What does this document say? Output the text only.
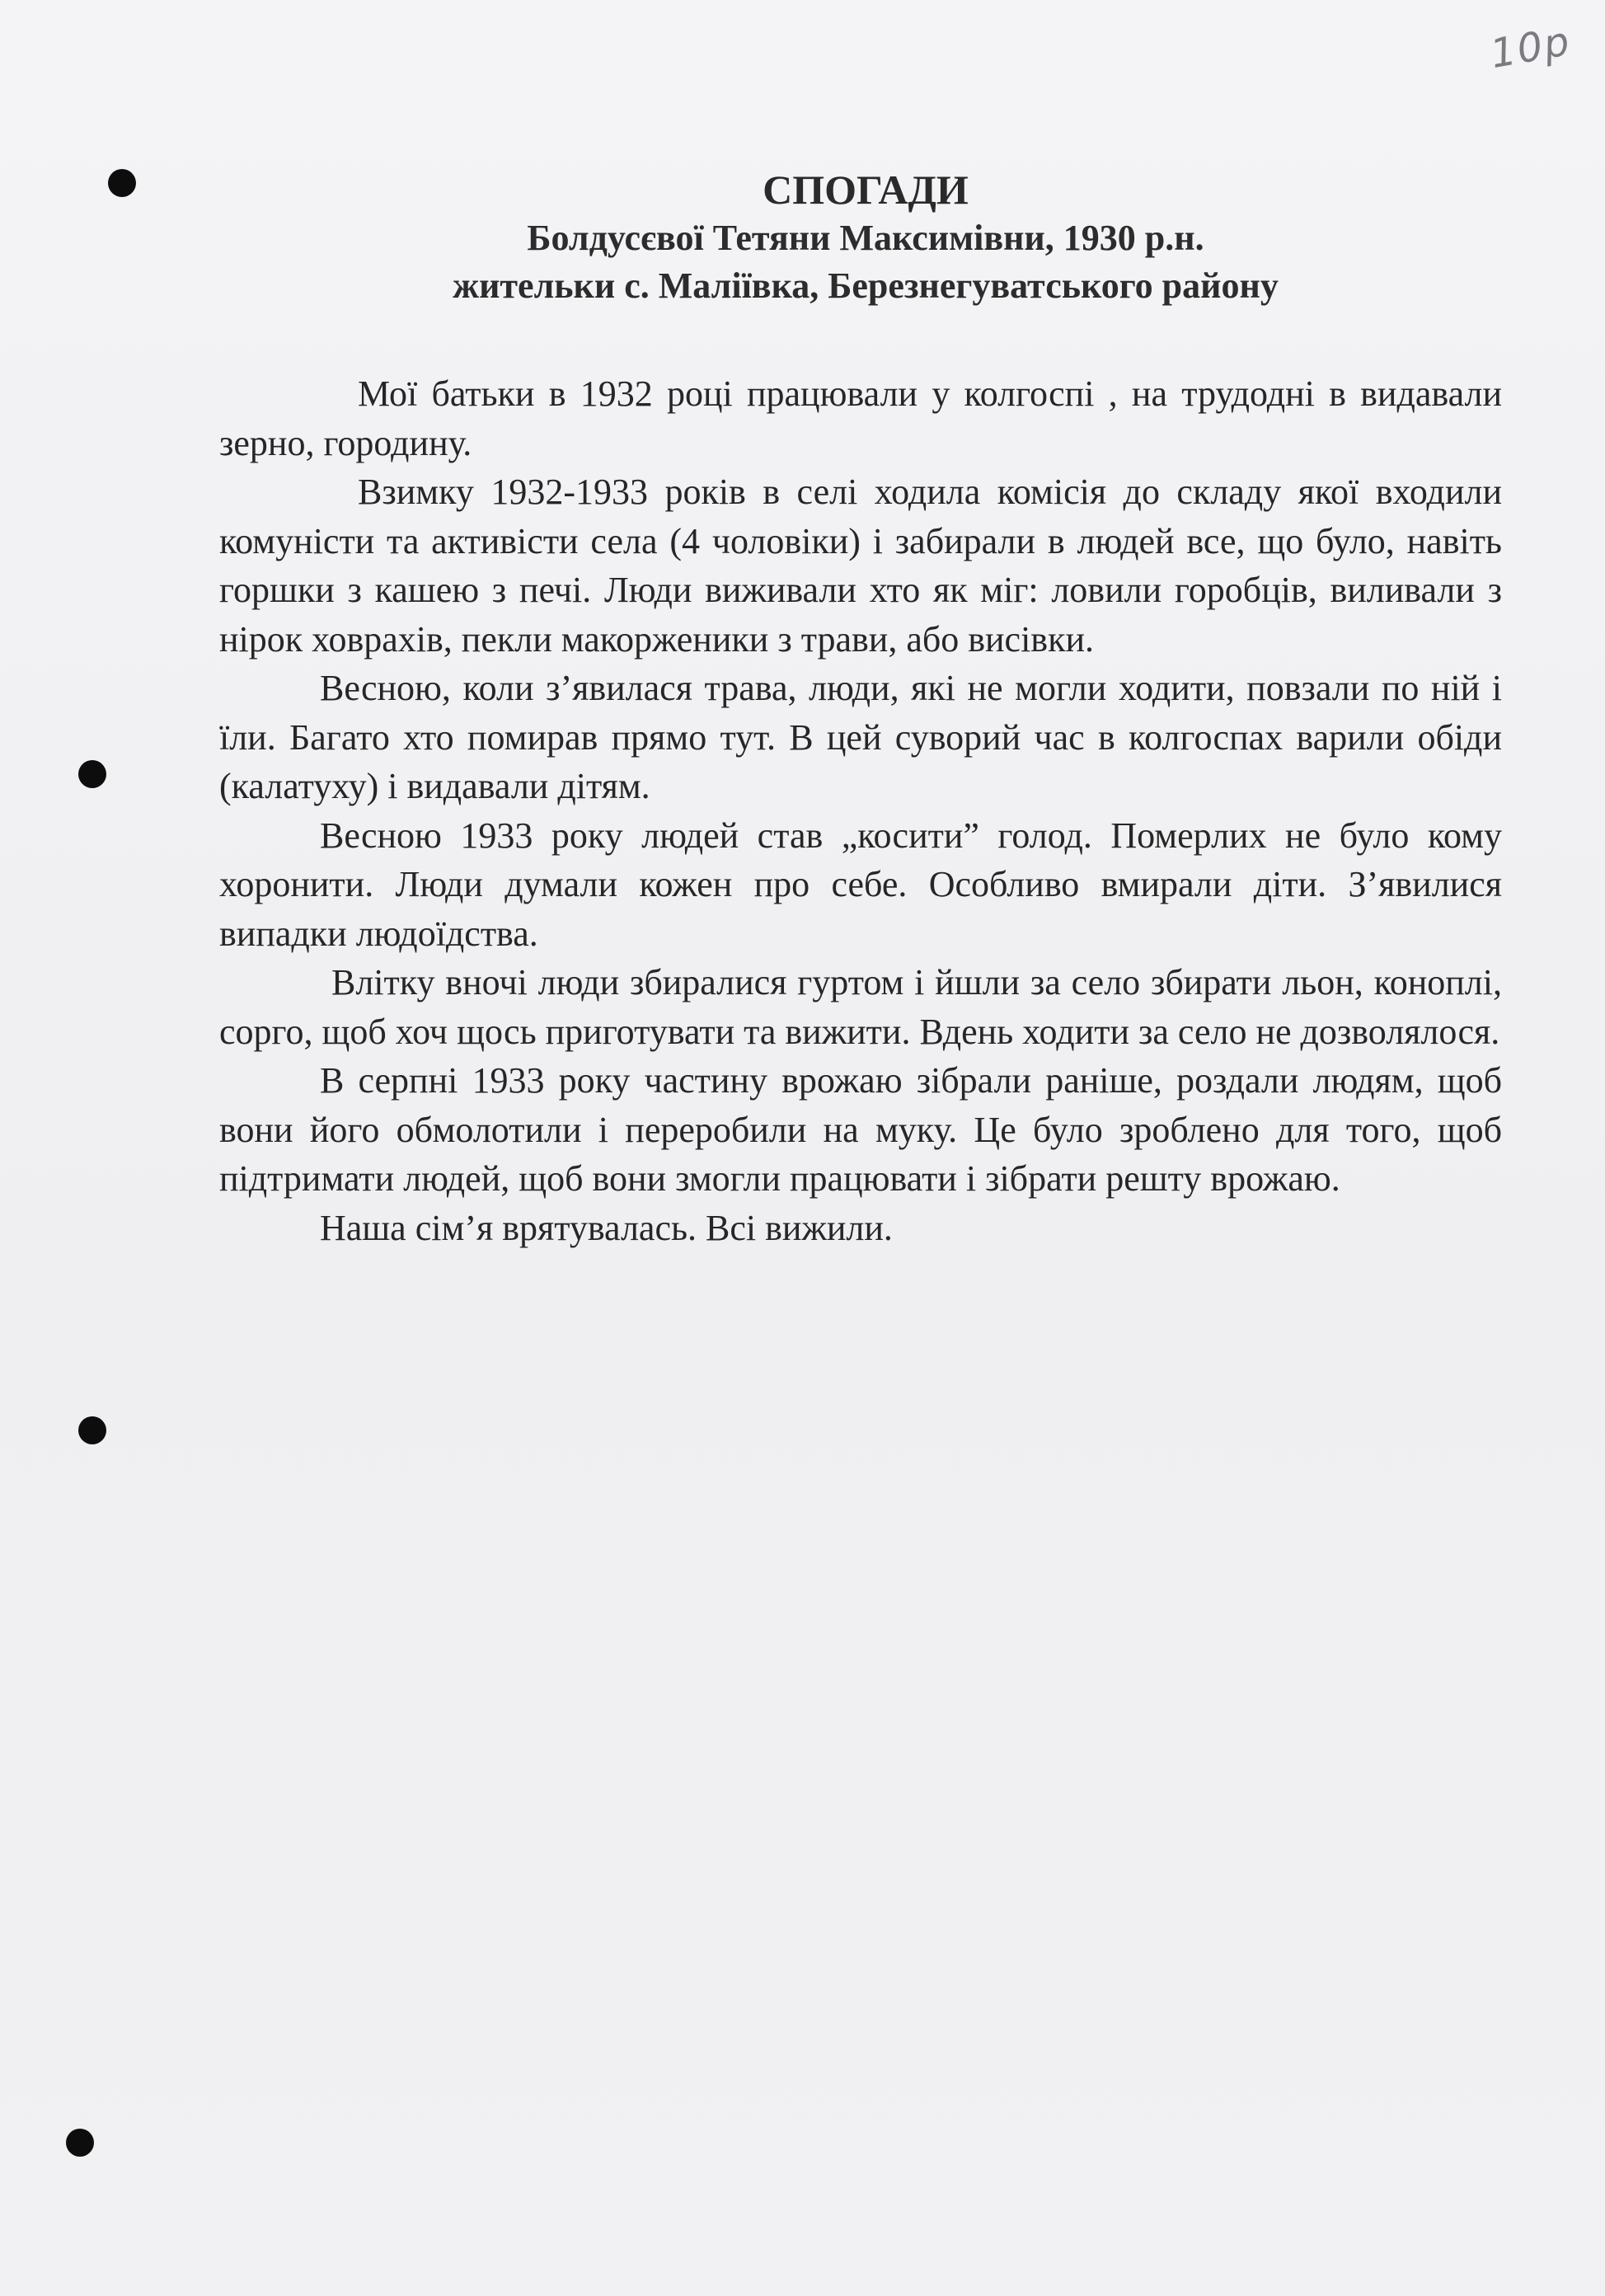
10р
СПОГАДИ

Болдусєвої Тетяни Максимівни, 1930 р.н.

жительки с. Маліївка, Березнегуватського району

Мої батьки в 1932 році працювали у колгоспі , на трудодні в видавали зерно, городину.

Взимку 1932-1933 років в селі ходила комісія до складу якої входили комуністи та активісти села (4 чоловіки) і забирали в людей все, що було, навіть горшки з кашею з печі. Люди виживали хто як міг: ловили горобців, виливали з нірок ховрахів, пекли макорженики з трави, або висівки.

Весною, коли з’явилася трава, люди, які не могли ходити, повзали по ній і їли. Багато хто помирав прямо тут. В цей суворий час в колгоспах варили обіди (калатуху) і видавали дітям.

Весною 1933 року людей став „косити” голод. Померлих не було кому хоронити. Люди думали кожен про себе. Особливо вмирали діти. З’явилися випадки людоїдства.

Влітку вночі люди збиралися гуртом і йшли за село збирати льон, коноплі, сорго, щоб хоч щось приготувати та вижити. Вдень ходити за село не дозволялося.

В серпні 1933 року частину врожаю зібрали раніше, роздали людям, щоб вони його обмолотили і переробили на муку. Це було зроблено для того, щоб підтримати людей, щоб вони змогли працювати і зібрати решту врожаю.

Наша сім’я врятувалась. Всі вижили.
